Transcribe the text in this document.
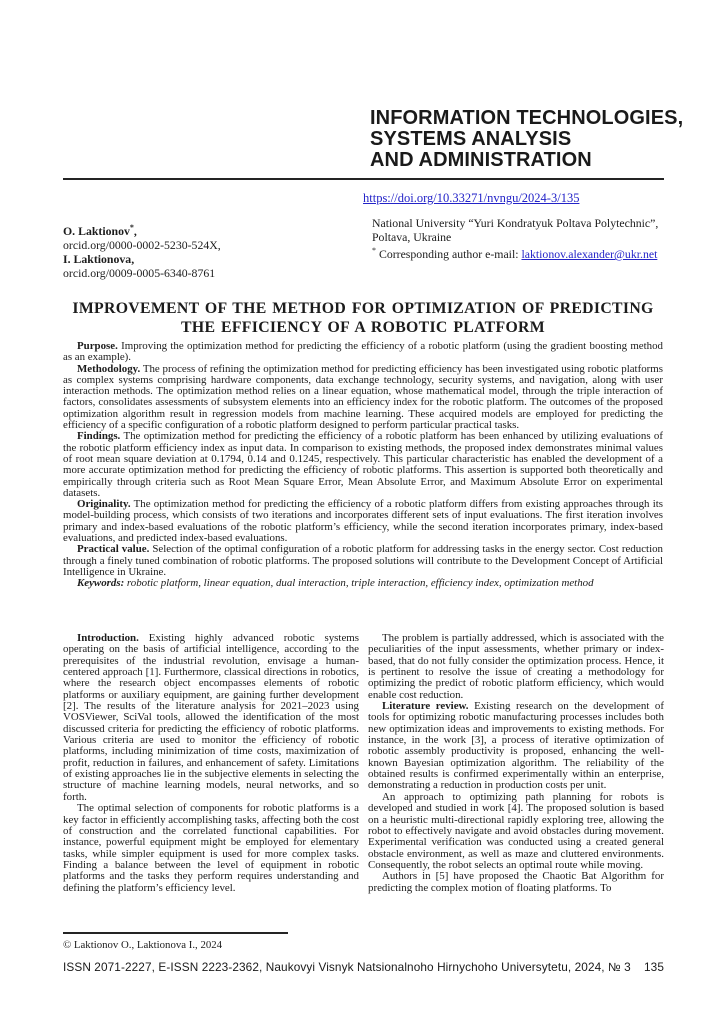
INFORMATION TECHNOLOGIES,
SYSTEMS ANALYSIS
AND ADMINISTRATION
https://doi.org/10.33271/nvngu/2024-3/135
O. Laktionov*,
orcid.org/0000-0002-5230-524X,
I. Laktionova,
orcid.org/0009-0005-6340-8761
National University “Yuri Kondratyuk Poltava Polytechnic”,
Poltava, Ukraine
* Corresponding author e-mail: laktionov.alexander@ukr.net
IMPROVEMENT OF THE METHOD FOR OPTIMIZATION OF PREDICTING
THE EFFICIENCY OF A ROBOTIC PLATFORM

Purpose. Improving the optimization method for predicting the efficiency of a robotic platform (using the gradient boosting method as an example).

Methodology. The process of refining the optimization method for predicting efficiency has been investigated using robotic platforms as complex systems comprising hardware components, data exchange technology, security systems, and navigation, along with user interaction methods. The optimization method relies on a linear equation, whose mathematical model, through the triple interaction of factors, consolidates assessments of subsystem elements into an efficiency index for the robotic platform. The outcomes of the proposed optimization algorithm result in regression models from machine learning. These acquired models are employed for predicting the efficiency of a specific configuration of a robotic platform designed to perform particular practical tasks.

Findings. The optimization method for predicting the efficiency of a robotic platform has been enhanced by utilizing evaluations of the robotic platform efficiency index as input data. In comparison to existing methods, the proposed index demonstrates minimal values of root mean square deviation at 0.1794, 0.14 and 0.1245, respectively. This particular characteristic has enabled the development of a more accurate optimization method for predicting the efficiency of robotic platforms. This assertion is supported both theoretically and empirically through criteria such as Root Mean Square Error, Mean Absolute Error, and Maximum Absolute Error on experimental datasets.

Originality. The optimization method for predicting the efficiency of a robotic platform differs from existing approaches through its model-building process, which consists of two iterations and incorporates different sets of input evaluations. The first iteration involves primary and index-based evaluations of the robotic platform’s efficiency, while the second iteration incorporates primary, index-based evaluations, and predicted index-based evaluations.

Practical value. Selection of the optimal configuration of a robotic platform for addressing tasks in the energy sector. Cost reduction through a finely tuned combination of robotic platforms. The proposed solutions will contribute to the Development Concept of Artificial Intelligence in Ukraine.

Keywords: robotic platform, linear equation, dual interaction, triple interaction, efficiency index, optimization method

Introduction. Existing highly advanced robotic systems operating on the basis of artificial intelligence, according to the prerequisites of the industrial revolution, envisage a human-centered approach [1]. Furthermore, classical directions in robotics, where the research object encompasses elements of robotic platforms or auxiliary equipment, are gaining further development [2]. The results of the literature analysis for 2021–2023 using VOSViewer, SciVal tools, allowed the identification of the most discussed criteria for predicting the efficiency of robotic platforms. Various criteria are used to monitor the efficiency of robotic platforms, including minimization of time costs, maximization of profit, reduction in failures, and enhancement of safety. Limitations of existing approaches lie in the subjective elements in selecting the structure of machine learning models, neural networks, and so forth.

The optimal selection of components for robotic platforms is a key factor in efficiently accomplishing tasks, affecting both the cost of construction and the correlated functional capabilities. For instance, powerful equipment might be employed for elementary tasks, while simpler equipment is used for more complex tasks. Finding a balance between the level of equipment in robotic platforms and the tasks they perform requires understanding and defining the platform’s efficiency level.

The problem is partially addressed, which is associated with the peculiarities of the input assessments, whether primary or index-based, that do not fully consider the optimization process. Hence, it is pertinent to resolve the issue of creating a methodology for optimizing the predict of robotic platform efficiency, which would enable cost reduction.

Literature review. Existing research on the development of tools for optimizing robotic manufacturing processes includes both new optimization ideas and improvements to existing methods. For instance, in the work [3], a process of iterative optimization of robotic assembly productivity is proposed, enhancing the well-known Bayesian optimization algorithm. The reliability of the obtained results is confirmed experimentally within an enterprise, demonstrating a reduction in production costs per unit.

An approach to optimizing path planning for robots is developed and studied in work [4]. The proposed solution is based on a heuristic multi-directional rapidly exploring tree, allowing the robot to effectively navigate and avoid obstacles during movement. Experimental verification was conducted using a created general obstacle environment, as well as maze and cluttered environments. Consequently, the robot selects an optimal route while moving.

Authors in [5] have proposed the Chaotic Bat Algorithm for predicting the complex motion of floating platforms. To

© Laktionov O., Laktionova I., 2024
ISSN 2071-2227, E-ISSN 2223-2362, Naukovyi Visnyk Natsionalnoho Hirnychoho Universytetu, 2024, № 3 135
